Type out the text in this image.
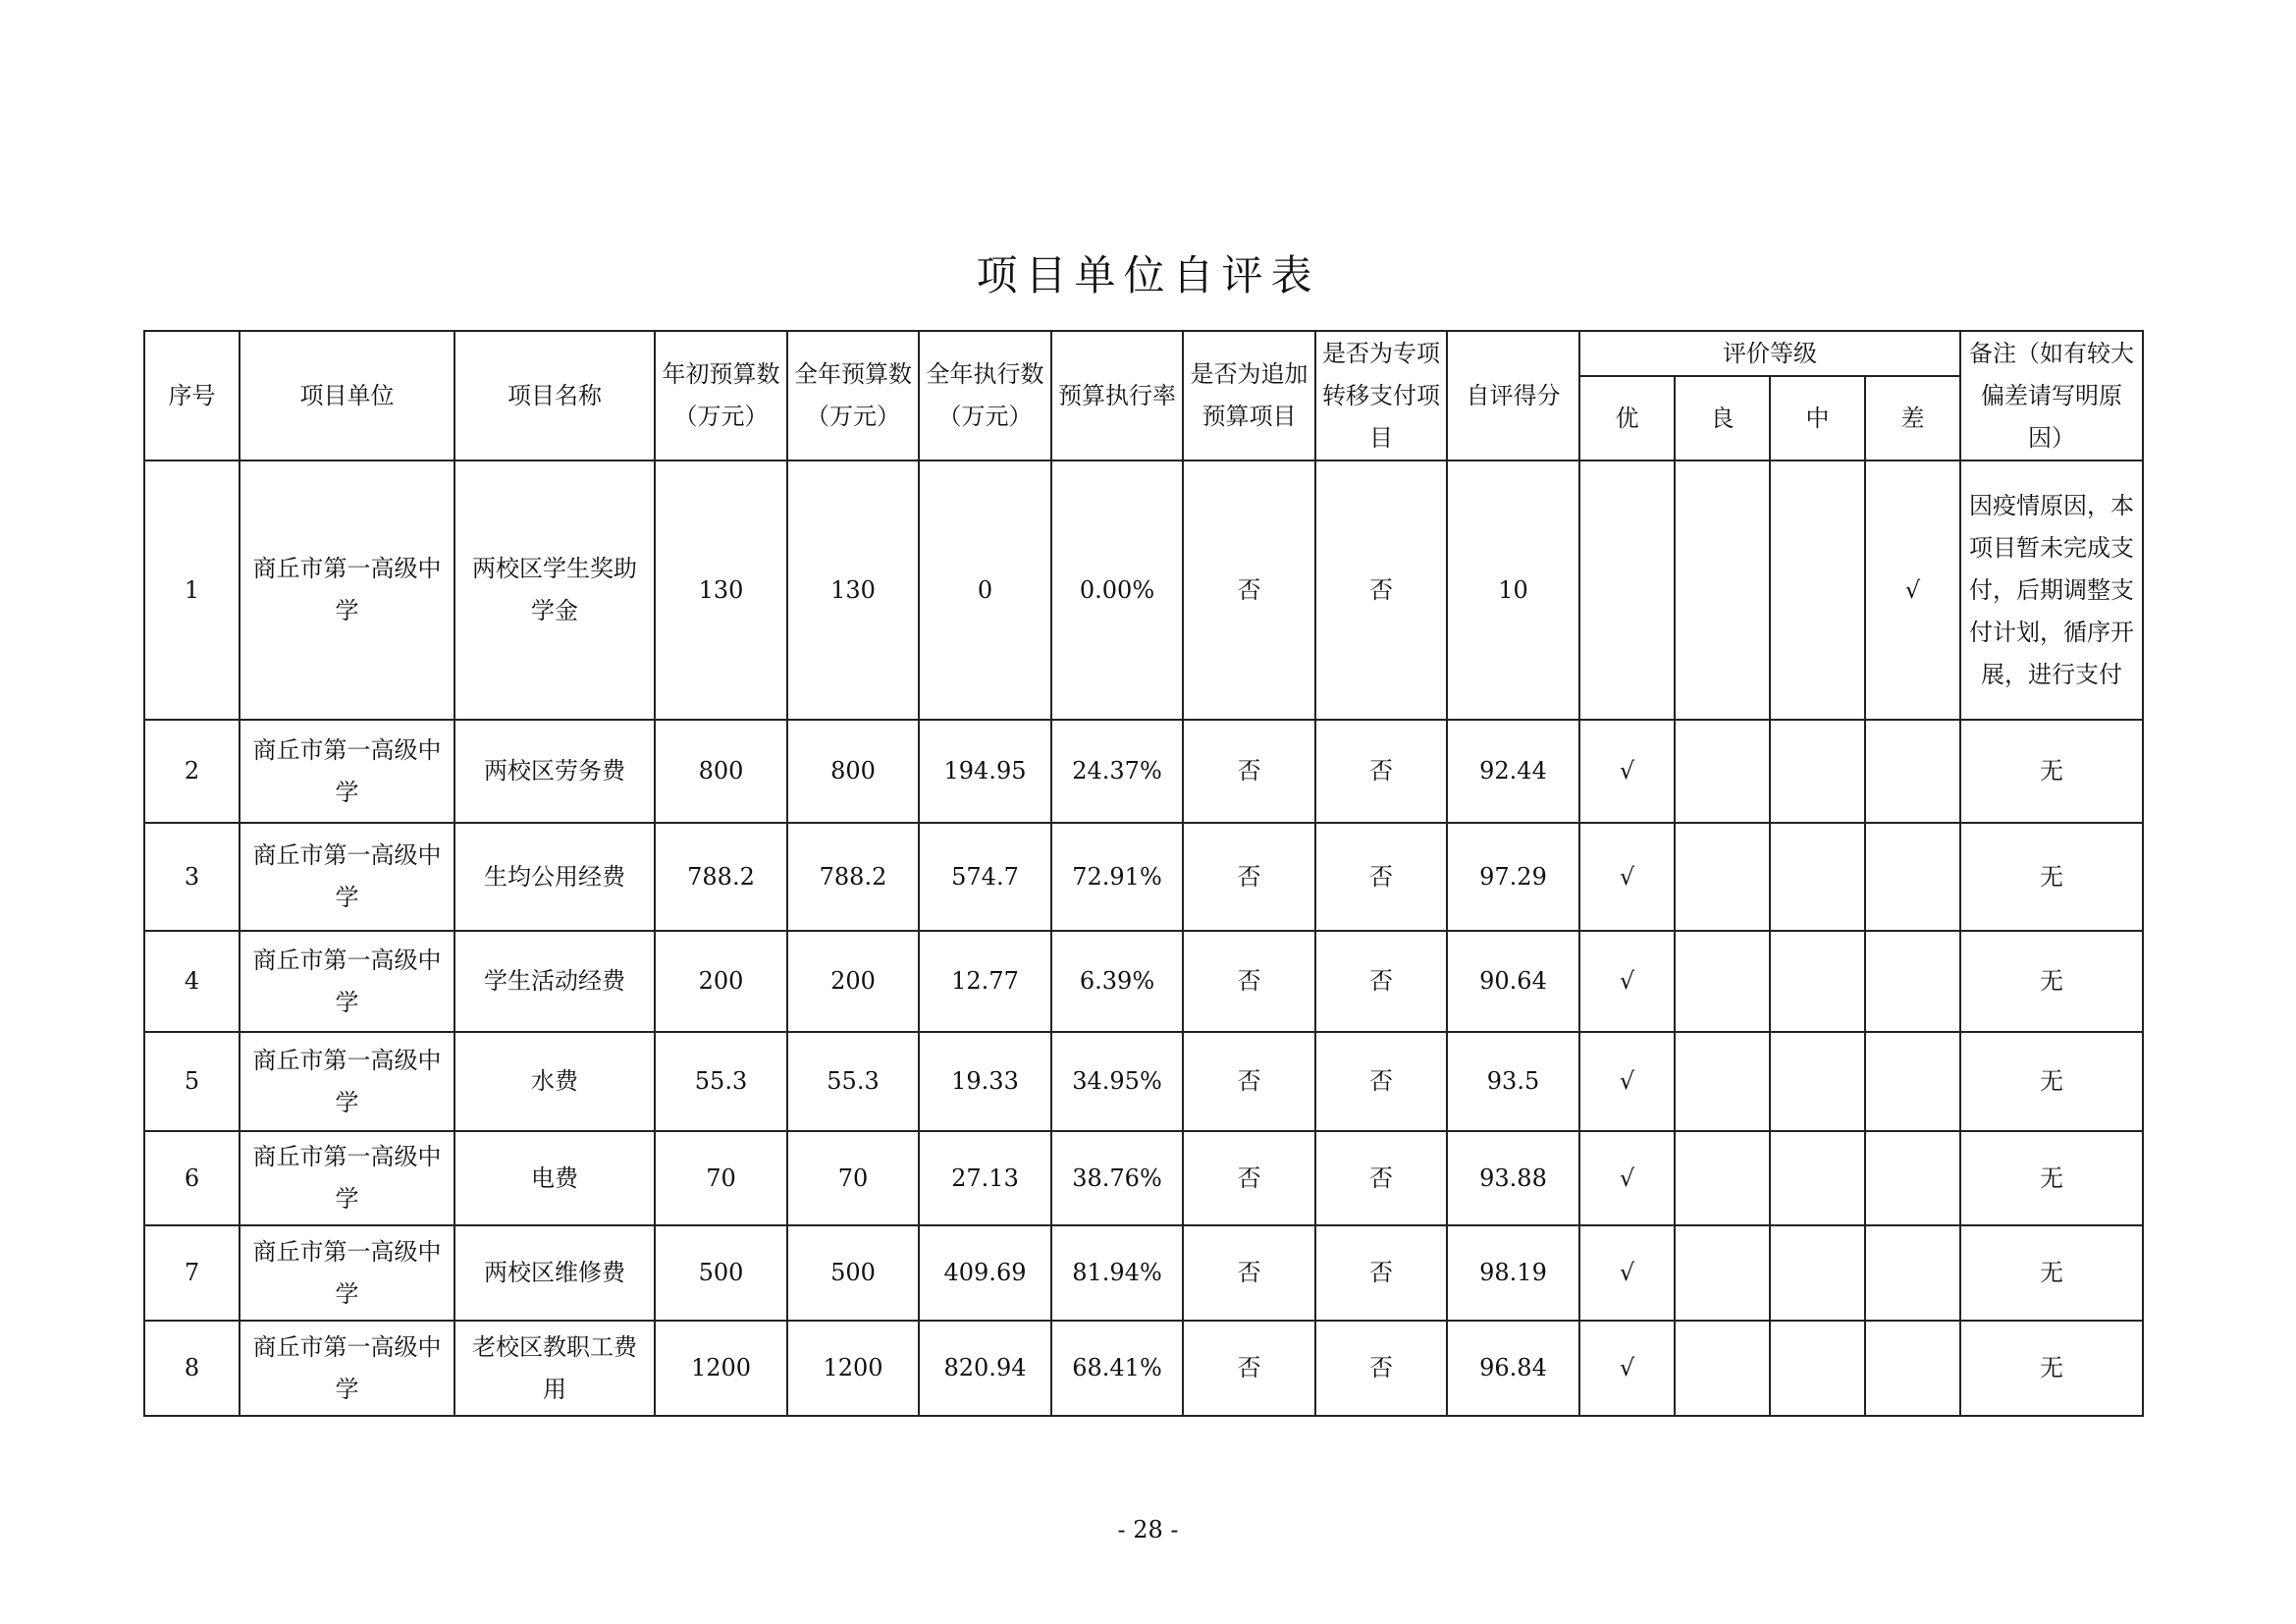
项目单位自评表
序号	项目单位	项目名称	年初预算数（万元）	全年预算数（万元）	全年执行数（万元）	预算执行率	是否为追加预算项目	是否为专项转移支付项目	自评得分	评价等级				备注（如有较大偏差请写明原因）
										优	良	中	差	
1	商丘市第一高级中学	两校区学生奖助学金	130	130	0	0.00%	否	否	10				√	因疫情原因，本项目暂未完成支付，后期调整支付计划，循序开展，进行支付
2	商丘市第一高级中学	两校区劳务费	800	800	194.95	24.37%	否	否	92.44	√				无
3	商丘市第一高级中学	生均公用经费	788.2	788.2	574.7	72.91%	否	否	97.29	√				无
4	商丘市第一高级中学	学生活动经费	200	200	12.77	6.39%	否	否	90.64	√				无
5	商丘市第一高级中学	水费	55.3	55.3	19.33	34.95%	否	否	93.5	√				无
6	商丘市第一高级中学	电费	70	70	27.13	38.76%	否	否	93.88	√				无
7	商丘市第一高级中学	两校区维修费	500	500	409.69	81.94%	否	否	98.19	√				无
8	商丘市第一高级中学	老校区教职工费用	1200	1200	820.94	68.41%	否	否	96.84	√				无
- 28 -
